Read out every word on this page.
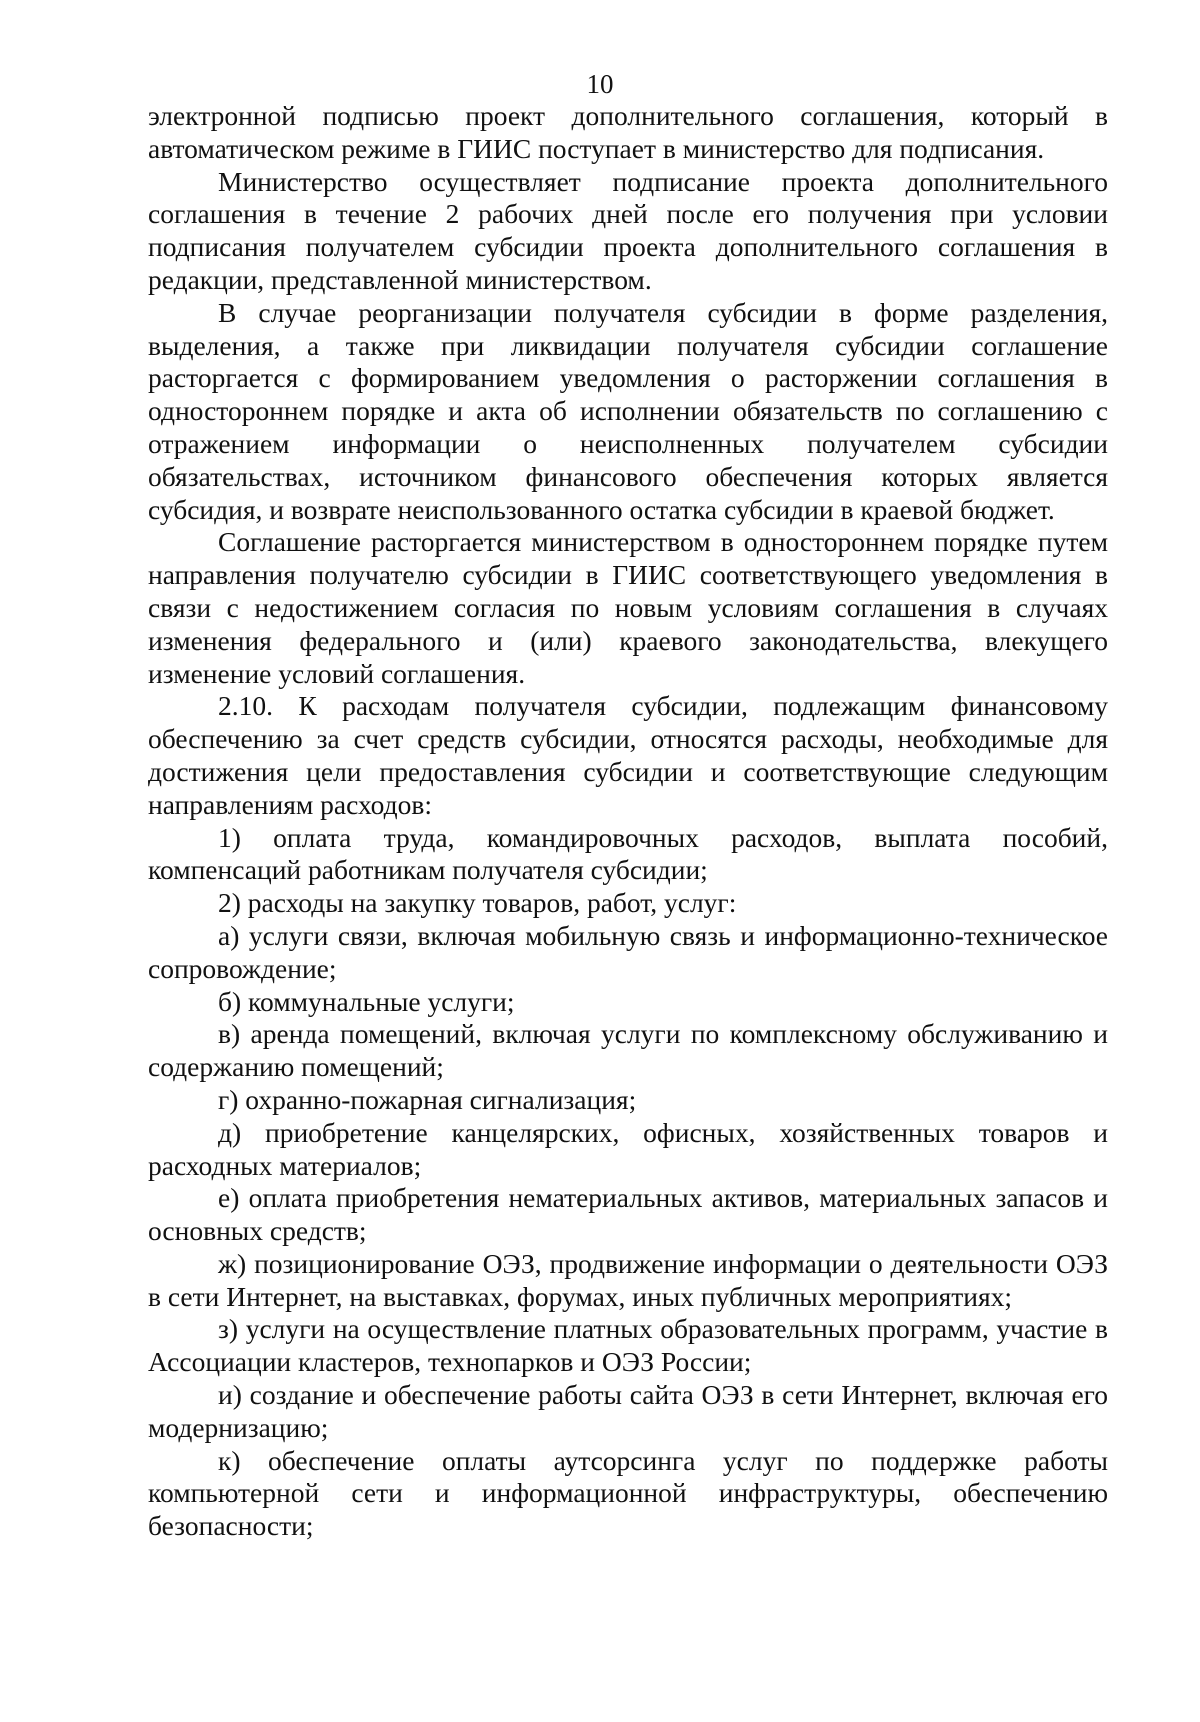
10

электронной подписью проект дополнительного соглашения, который в автоматическом режиме в ГИИС поступает в министерство для подписания.

Министерство осуществляет подписание проекта дополнительного соглашения в течение 2 рабочих дней после его получения при условии подписания получателем субсидии проекта дополнительного соглашения в редакции, представленной министерством.

В случае реорганизации получателя субсидии в форме разделения, выделения, а также при ликвидации получателя субсидии соглашение расторгается с формированием уведомления о расторжении соглашения в одностороннем порядке и акта об исполнении обязательств по соглашению с отражением информации о неисполненных получателем субсидии обязательствах, источником финансового обеспечения которых является субсидия, и возврате неиспользованного остатка субсидии в краевой бюджет.

Соглашение расторгается министерством в одностороннем порядке путем направления получателю субсидии в ГИИС соответствующего уведомления в связи с недостижением согласия по новым условиям соглашения в случаях изменения федерального и (или) краевого законодательства, влекущего изменение условий соглашения.

2.10. К расходам получателя субсидии, подлежащим финансовому обеспечению за счет средств субсидии, относятся расходы, необходимые для достижения цели предоставления субсидии и соответствующие следующим направлениям расходов:

1) оплата труда, командировочных расходов, выплата пособий, компенсаций работникам получателя субсидии;

2) расходы на закупку товаров, работ, услуг:

а) услуги связи, включая мобильную связь и информационно-техническое сопровождение;

б) коммунальные услуги;

в) аренда помещений, включая услуги по комплексному обслуживанию и содержанию помещений;

г) охранно-пожарная сигнализация;

д) приобретение канцелярских, офисных, хозяйственных товаров и расходных материалов;

е) оплата приобретения нематериальных активов, материальных запасов и основных средств;

ж) позиционирование ОЭЗ, продвижение информации о деятельности ОЭЗ в сети Интернет, на выставках, форумах, иных публичных мероприятиях;

з) услуги на осуществление платных образовательных программ, участие в Ассоциации кластеров, технопарков и ОЭЗ России;

и) создание и обеспечение работы сайта ОЭЗ в сети Интернет, включая его модернизацию;

к) обеспечение оплаты аутсорсинга услуг по поддержке работы компьютерной сети и информационной инфраструктуры, обеспечению безопасности;
